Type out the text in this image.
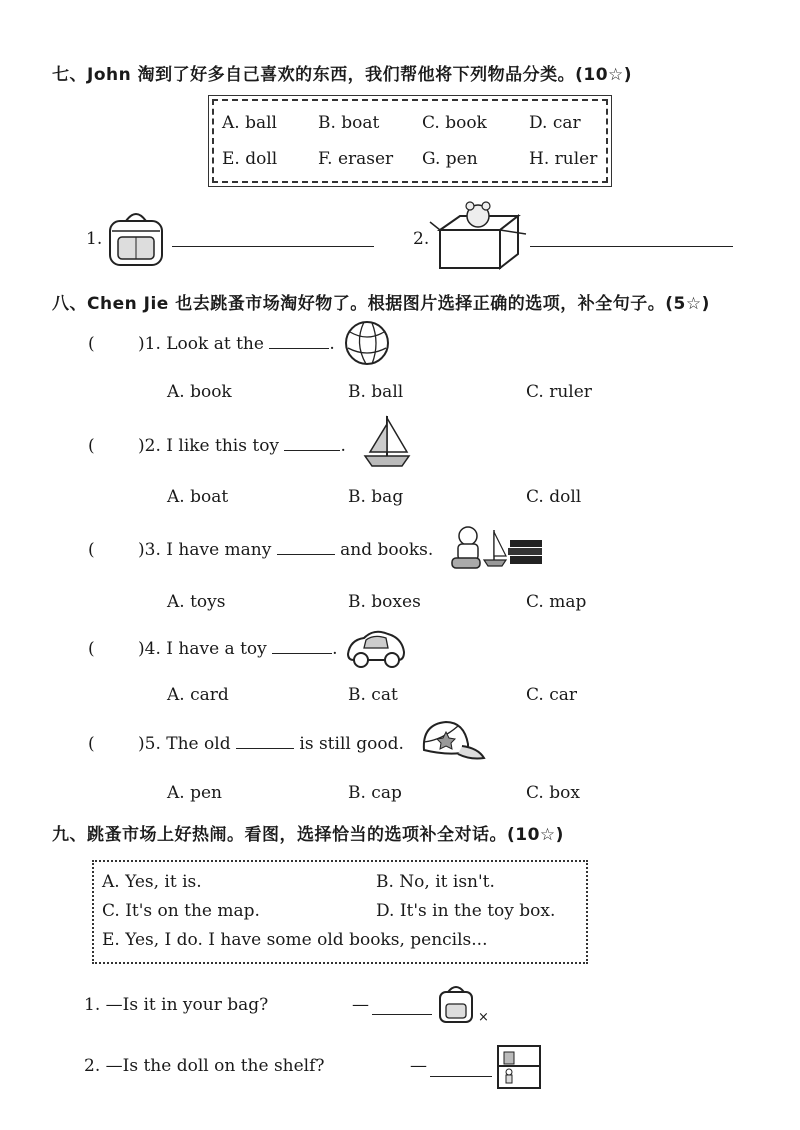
七、John 淘到了好多自己喜欢的东西，我们帮他将下列物品分类。(10☆)
A. ball B. boat	C. book D. car
E. doll F. eraser G. pen	H. ruler
1.	2.
八、Chen Jie 也去跳蚤市场淘好物了。根据图片选择正确的选项，补全句子。(5☆)
(	)1. Look at the	.
A. book	B. ball	C. ruler
(	)2. I like this toy	.
A. boat	B. bag	C. doll
(	)3. I have many	and books.
A. toys	B. boxes	C. map
(	)4. I have a toy	.
A. card	B. cat	C. car
(	)5. The old	is still good.
A. pen	B. cap	C. box
九、跳蚤市场上好热闹。看图，选择恰当的选项补全对话。(10☆)
A. Yes, it is.	B. No, it isn't.
C. It's on the map.	D. It's in the toy box.
E. Yes, I do. I have some old books, pencils...
1. —Is it in your bag?	—
×
2. —Is the doll on the shelf?	—
